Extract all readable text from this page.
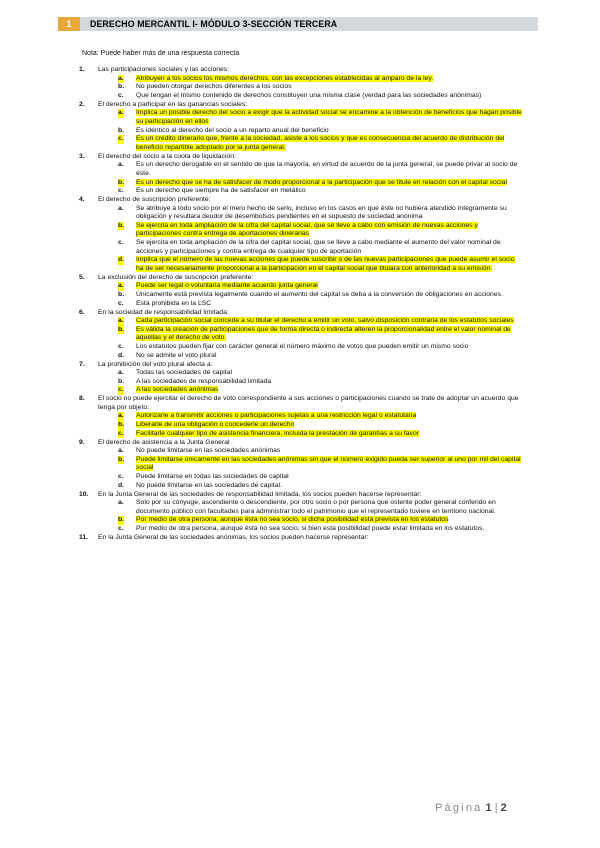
1	DERECHO MERCANTIL I- MÓDULO 3-SECCIÓN TERCERA
Nota: Puede haber más de una respuesta correcta
1. Las participaciones sociales y las acciones:
a. Atribuyen a los socios los mismos derechos, con las excepciones establecidas al amparo de la ley.
b. No pueden otorgar derechos diferentes a los socios
c. Que tengan el mismo contenido de derechos constituyen una misma clase (verdad para las sociedades anónimas)
2. El derecho a participar en las ganancias sociales:
a. Implica un posible derecho del socio a exigir que la actividad social se encamine a la obtención de beneficios que hagan posible su participación en ellos
b. Es idéntico al derecho del socio a un reparto anual del beneficio
c. Es un crédito dinerario que, frente a la sociedad, asiste a los socios y que es consecuencia del acuerdo de distribución del beneficio repartible adoptado por la junta general.
3. El derecho del socio a la cuota de liquidación:
a. Es un derecho derogable en el sentido de que la mayoría, en virtud de acuerdo de la junta general, se puede privar al socio de éste.
b. Es un derecho que se ha de satisfacer de modo proporcional a la participación que se titule en relación con el capital social
c. Es un derecho que siempre ha de satisfacer en metálico
4. El derecho de suscripción preferente:
a. Se atribuye a todo socio por el mero hecho de serlo, incluso en los casos en que éste no hubiera atendido íntegramente su obligación y resultara deudor de desembolsos pendientes en el supuesto de sociedad anónima
b. Se ejercita en toda ampliación de la cifra del capital social, que se lleve a cabo con emisión de nuevas acciones y participaciones contra entrega de aportaciones dinerarias
c. Se ejercita en toda ampliación de la cifra del capital social, que se lleve a cabo mediante el aumento del valor nominal de acciones y participaciones y contra entrega de cualquier tipo de aportación
d. Implica que el número de las nuevas acciones que puede suscribir o de las nuevas participaciones que puede asumir el socio ha de ser necesariamente proporcional a la participación en el capital social que titulara con anterioridad a su emisión.
5. La exclusión del derecho de suscripción preferente:
a. Puede ser legal o voluntaria mediante acuerdo junta general
b. Únicamente está prevista legalmente cuando el aumento del capital se deba a la conversión de obligaciones en acciones.
c. Está prohibida en la LSC
6. En la sociedad de responsabilidad limitada:
a. Cada participación social concede a su titular el derecho a emitir un voto, salvo disposición contraria de los estatutos sociales
b. Es válida la creación de participaciones que de forma directa o indirecta alteren la proporcionalidad entre el valor nominal de aquellas y el derecho de voto.
c. Los estatutos pueden fijar con carácter general el número máximo de votos que pueden emitir un mismo socio
d. No se admite el voto plural
7. La prohibición del voto plural afecta a:
a. Todas las sociedades de capital
b. A las sociedades de responsabilidad limitada
c. A las sociedades anónimas
8. El socio no puede ejercitar el derecho de voto correspondiente a sus acciones o participaciones cuando se trate de adoptar un acuerdo que tenga por objeto:
a. Autorizarle a transmitir acciones o participaciones sujetas a una restricción legal o estatutaria
b. Liberarle de una obligación o concederle un derecho
c. Facilitarle cualquier tipo de asistencia financiera, incluida la prestación de garantías a su favor
9. El derecho de asistencia a la Junta General
a. No puede limitarse en las sociedades anónimas
b. Puede limitarse únicamente en las sociedades anónimas sin que el número exigido pueda ser superior al uno por mil del capital social
c. Puede limitarse en todas las sociedades de capital
d. No puede limitarse en las sociedades de capital.
10. En la Junta General de las sociedades de responsabilidad limitada, los socios pueden hacerse representar:
a. Solo por su cónyuge, ascendiente o descendiente, por otro socio o por persona que ostente poder general conferido en documento público con facultades para administrar todo el patrimonio que el representado tuviere en territorio nacional.
b. Por medio de otra persona, aunque ésta no sea socio, si dicha posibilidad está prevista en los estatutos
c. Por medio de otra persona, aunque ésta no sea socio, si bien esta posibilidad puede estar limitada en los estatutos.
11. En la Junta General de las sociedades anónimas, los socios pueden hacerse representar:
Página 1 | 2
